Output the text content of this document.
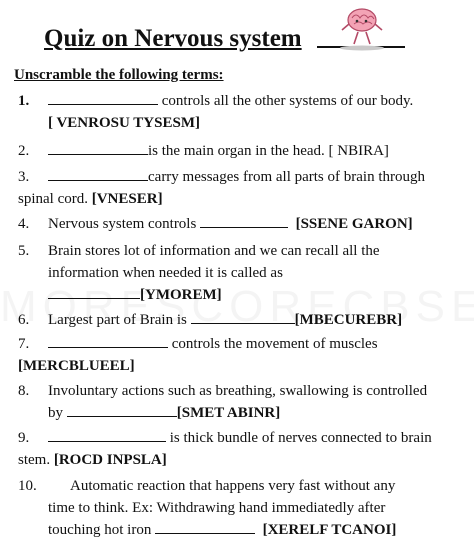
Quiz on Nervous system
Unscramble the following terms:
1.	controls all the other systems of our body.
[ VENROSU TYSESM]
2.	is the main organ in the head. [ NBIRA]
3.	carry messages from all parts of brain through
spinal cord. [VNESER]
4. Nervous system controls	[SSENE GARON]
5. Brain stores lot of information and we can recall all the
information when needed it is called as
[YMOREM]
6. Largest part of Brain is	[MBECUREBR]
7.	controls the movement of muscles
[MERCBLUEEL]
8. Involuntary actions such as breathing, swallowing is controlled
by	[SMET ABINR]
9.	is thick bundle of nerves connected to brain
stem. [ROCD INPSLA]
10. Automatic reaction that happens very fast without any
time to think. Ex: Withdrawing hand immediatedly after
touching hot iron	[XERELF TCANOI]
